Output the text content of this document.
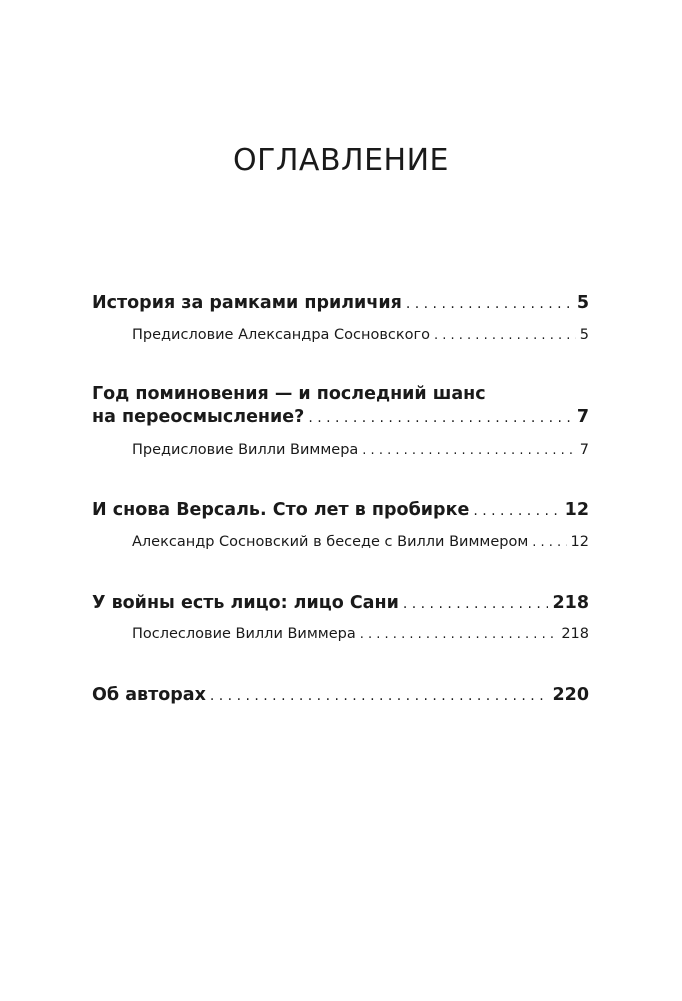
ОГЛАВЛЕНИЕ
История за рамками приличия . . .	5
Предисловие Александра Сосновского . . .	5
Год поминовения — и последний шанс
на переосмысление? . . .	7
Предисловие Вилли Виммера . . .	7
И снова Версаль. Сто лет в пробирке . . .	12
Александр Сосновский в беседе с Вилли Виммером . . .	12
У войны есть лицо: лицо Сани . . .	218
Послесловие Вилли Виммера . . .	218
Об авторах . . .	220
